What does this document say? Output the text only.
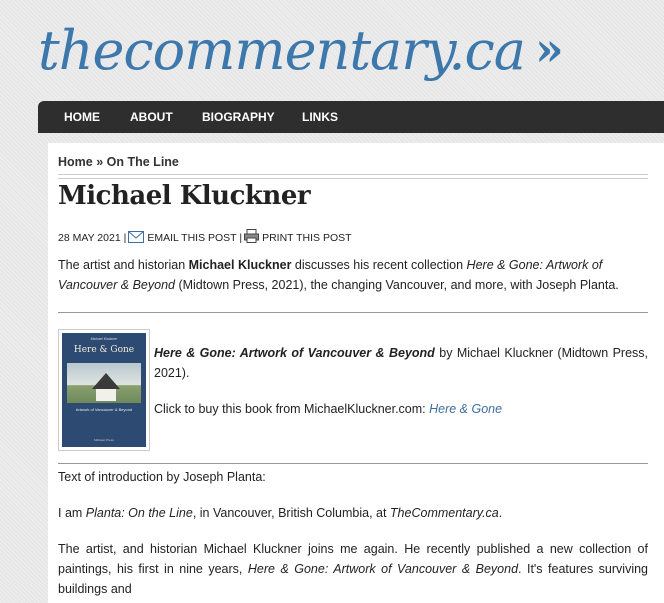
thecommentary.ca »
HOME	ABOUT BIOGRAPHY LINKS
Home » On The Line
Michael Kluckner
28 MAY 2021 | EMAIL THIS POST | PRINT THIS POST
The artist and historian Michael Kluckner discusses his recent collection Here & Gone: Artwork of Vancouver & Beyond (Midtown Press, 2021), the changing Vancouver, and more, with Joseph Planta.
Michael Kluckner
Here & Gone
Artwork of Vancouver & Beyond
Midtown Press
Here & Gone: Artwork of Vancouver & Beyond by Michael Kluckner (Midtown Press, 2021).
Click to buy this book from MichaelKluckner.com: Here & Gone
Text of introduction by Joseph Planta:
I am Planta: On the Line, in Vancouver, British Columbia, at TheCommentary.ca.
The artist, and historian Michael Kluckner joins me again. He recently published a new collection of paintings, his first in nine years, Here & Gone: Artwork of Vancouver & Beyond. It's features surviving buildings and
